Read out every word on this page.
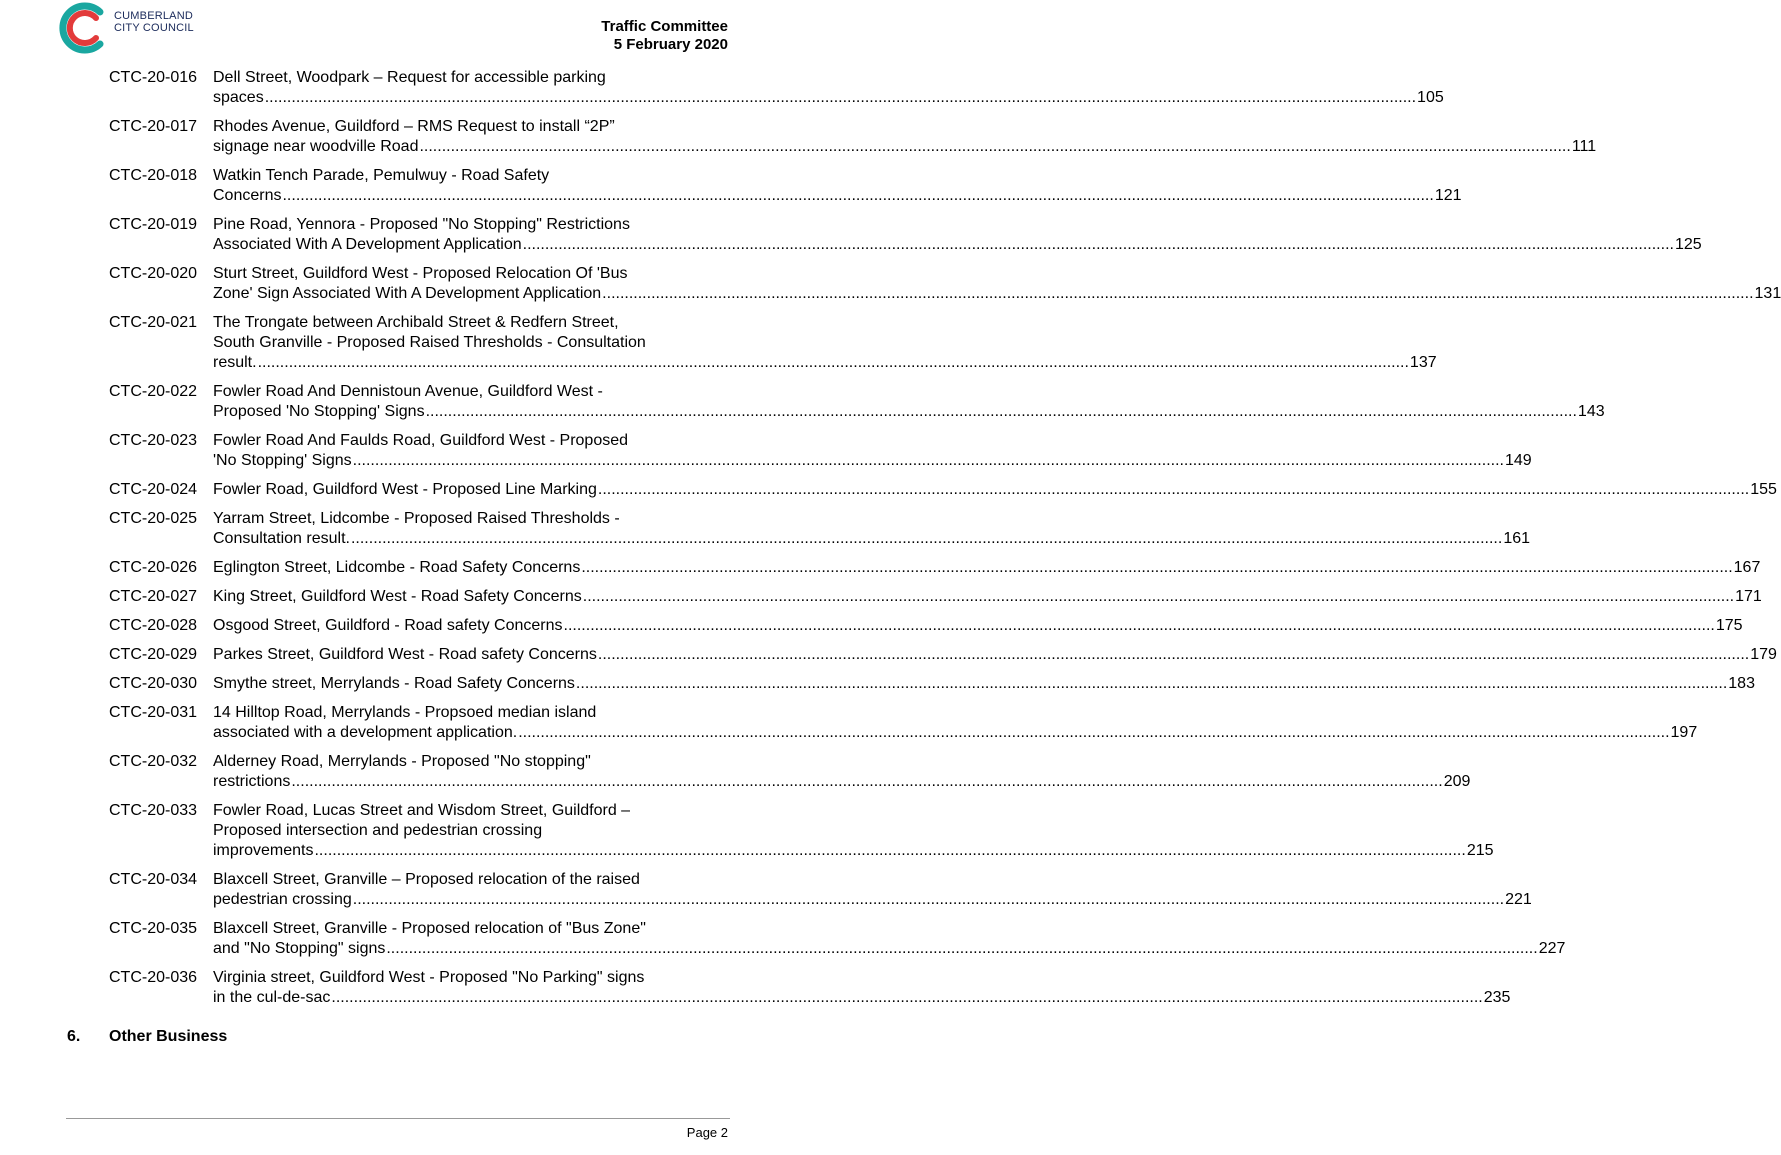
CUMBERLAND
CITY COUNCIL	Traffic Committee
5 February 2020
CTC-20-016 Dell Street, Woodpark – Request for accessible parking
spaces .....	105
CTC-20-017 Rhodes Avenue, Guildford – RMS Request to install “2P”
signage near woodville Road .....	111
CTC-20-018 Watkin Tench Parade, Pemulwuy - Road Safety
Concerns .....	121
CTC-20-019 Pine Road, Yennora - Proposed "No Stopping" Restrictions
Associated With A Development Application .....	125
CTC-20-020 Sturt Street, Guildford West - Proposed Relocation Of 'Bus
Zone' Sign Associated With A Development Application .....	131
CTC-20-021 The Trongate between Archibald Street & Redfern Street,
South Granville - Proposed Raised Thresholds - Consultation
result. .....	137
CTC-20-022 Fowler Road And Dennistoun Avenue, Guildford West -
Proposed 'No Stopping' Signs .....	143
CTC-20-023 Fowler Road And Faulds Road, Guildford West - Proposed
'No Stopping' Signs .....	149
CTC-20-024 Fowler Road, Guildford West - Proposed Line Marking .....	155
CTC-20-025 Yarram Street, Lidcombe - Proposed Raised Thresholds -
Consultation result. .....	161
CTC-20-026 Eglington Street, Lidcombe - Road Safety Concerns .....	167
CTC-20-027 King Street, Guildford West - Road Safety Concerns .....	171
CTC-20-028 Osgood Street, Guildford - Road safety Concerns .....	175
CTC-20-029 Parkes Street, Guildford West - Road safety Concerns .....	179
CTC-20-030 Smythe street, Merrylands - Road Safety Concerns .....	183
CTC-20-031 14 Hilltop Road, Merrylands - Propsoed median island
associated with a development application. .....	197
CTC-20-032 Alderney Road, Merrylands - Proposed "No stopping"
restrictions .....	209
CTC-20-033 Fowler Road, Lucas Street and Wisdom Street, Guildford –
Proposed intersection and pedestrian crossing
improvements .....	215
CTC-20-034 Blaxcell Street, Granville – Proposed relocation of the raised
pedestrian crossing .....	221
CTC-20-035 Blaxcell Street, Granville - Proposed relocation of "Bus Zone"
and "No Stopping" signs .....	227
CTC-20-036 Virginia street, Guildford West - Proposed "No Parking" signs
in the cul-de-sac .....	235
6. Other Business
Page 2
